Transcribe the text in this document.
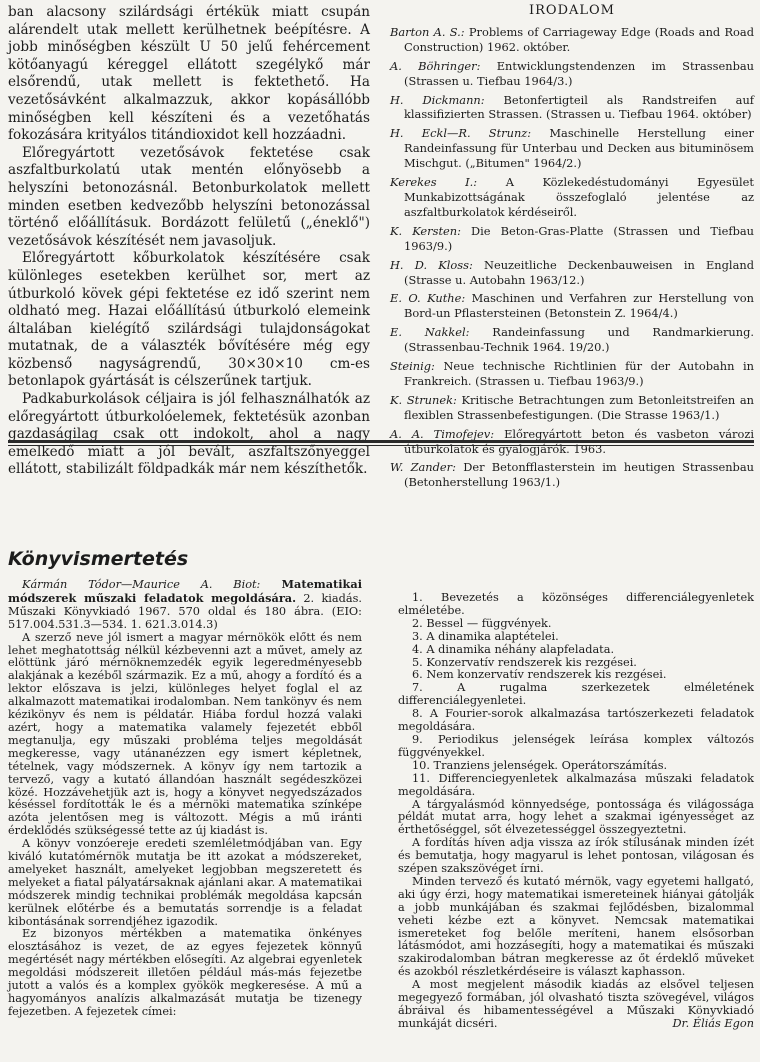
ban alacsony szilárdsági értékük miatt csupán alárendelt utak mellett kerülhetnek beépítésre. A jobb minőségben készült U 50 jelű fehércement kötőanyagú kéreggel ellátott szegélykő már elsőrendű, utak mellett is fektethető. Ha vezetősávként alkalmazzuk, akkor kopásállóbb minőségben kell készíteni és a vezetőhatás fokozására krityálos titándioxidot kell hozzáadni.

Előregyártott vezetősávok fektetése csak aszfaltburkolatú utak mentén előnyösebb a helyszíni betonozásnál. Betonburkolatok mellett minden esetben kedvezőbb helyszíni betonozással történő előállításuk. Bordázott felületű („éneklő") vezetősávok készítését nem javasoljuk.

Előregyártott kőburkolatok készítésére csak különleges esetekben kerülhet sor, mert az útburkoló kövek gépi fektetése ez idő szerint nem oldható meg. Hazai előállítású útburkoló elemeink általában kielégítő szilárdsági tulajdonságokat mutatnak, de a választék bővítésére még egy közbenső nagyságrendű, 30×30×10 cm-es betonlapok gyártását is célszerűnek tartjuk.

Padkaburkolások céljaira is jól felhasználhatók az előregyártott útburkolóelemek, fektetésük azonban gazdaságilag csak ott indokolt, ahol a nagy emelkedő miatt a jól bevált, aszfaltszőnyeggel ellátott, stabilizált földpadkák már nem készíthetők.

IRODALOM

Barton A. S.: Problems of Carriageway Edge (Roads and Road Construction) 1962. október.

A. Böhringer: Entwicklungstendenzen im Strassenbau (Strassen u. Tiefbau 1964/3.)

H. Dickmann: Betonfertigteil als Randstreifen auf klassifizierten Strassen. (Strassen u. Tiefbau 1964. október)

H. Eckl—R. Strunz: Maschinelle Herstellung einer Randeinfassung für Unterbau und Decken aus bituminösem Mischgut. („Bitumen" 1964/2.)

Kerekes I.: A Közlekedéstudományi Egyesület Munkabizottságának összefoglaló jelentése az aszfaltburkolatok kérdéseiről.

K. Kersten: Die Beton-Gras-Platte (Strassen und Tiefbau 1963/9.)

H. D. Kloss: Neuzeitliche Deckenbauweisen in England (Strasse u. Autobahn 1963/12.)

E. O. Kuthe: Maschinen und Verfahren zur Herstellung von Bord-un Pflastersteinen (Betonstein Z. 1964/4.)

E. Nakkel: Randeinfassung und Randmarkierung. (Strassenbau-Technik 1964. 19/20.)

Steinig: Neue technische Richtlinien für der Autobahn in Frankreich. (Strassen u. Tiefbau 1963/9.)

K. Strunek: Kritische Betrachtungen zum Betonleitstreifen an flexiblen Strassenbefestigungen. (Die Strasse 1963/1.)

A. A. Timofejev: Előregyártott beton és vasbeton vározi útburkolatok és gyalogjárók. 1963.

W. Zander: Der Betonfflasterstein im heutigen Strassenbau (Betonherstellung 1963/1.)

Könyvismertetés

Kármán Tódor—Maurice A. Biot: Matematikai módszerek műszaki feladatok megoldására. 2. kiadás. Műszaki Könyvkiadó 1967. 570 oldal és 180 ábra. (EIO: 517.004.531.3—534. 1. 621.3.014.3)

A szerző neve jól ismert a magyar mérnökök előtt és nem lehet meghatottság nélkül kézbevenni azt a művet, amely az elöttünk járó mérnöknemzedék egyik legeredményesebb alakjának a kezéből származik. Ez a mű, ahogy a fordító és a lektor előszava is jelzi, különleges helyet foglal el az alkalmazott matematikai irodalomban. Nem tankönyv és nem kézikönyv és nem is példatár. Hiába fordul hozzá valaki azért, hogy a matematika valamely fejezetét ebből megtanulja, egy műszaki probléma teljes megoldását megkeresse, vagy utánanézzen egy ismert képletnek, tételnek, vagy módszernek. A könyv így nem tartozik a tervező, vagy a kutató állandóan használt segédeszközei közé. Hozzávehetjük azt is, hogy a könyvet negyedszázados késéssel fordították le és a mérnöki matematika színképe azóta jelentősen meg is változott. Mégis a mű iránti érdeklődés szükségessé tette az új kiadást is.

A könyv vonzóereje eredeti szemléletmódjában van. Egy kiváló kutatómérnök mutatja be itt azokat a módszereket, amelyeket használt, amelyeket legjobban megszeretett és melyeket a fiatal pályatársaknak ajánlani akar. A matematikai módszerek mindig technikai problémák megoldása kapcsán kerülnek előtérbe és a bemutatás sorrendje is a feladat kibontásának sorrendjéhez igazodik.

Ez bizonyos mértékben a matematika önkényes elosztásához is vezet, de az egyes fejezetek könnyű megértését nagy mértékben elősegíti. Az algebrai egyenletek megoldási módszereit illetően például más-más fejezetbe jutott a valós és a komplex gyökök megkeresése. A mű a hagyományos analízis alkalmazását mutatja be tizenegy fejezetben. A fejezetek címei:

1. Bevezetés a közönséges differenciálegyenletek elméletébe.
2. Bessel — függvények.
3. A dinamika alaptételei.
4. A dinamika néhány alapfeladata.
5. Konzervatív rendszerek kis rezgései.
6. Nem konzervatív rendszerek kis rezgései.
7. A rugalma szerkezetek elméletének differenciálegyenletei.
8. A Fourier-sorok alkalmazása tartószerkezeti feladatok megoldására.
9. Periodikus jelenségek leírása komplex változós függvényekkel.
10. Tranziens jelenségek. Operátorszámítás.
11. Differenciegyenletek alkalmazása műszaki feladatok megoldására.

A tárgyalásmód könnyedsége, pontossága és világossága példát mutat arra, hogy lehet a szakmai igényességet az érthetőséggel, sőt élvezetességgel összegyeztetni.

A fordítás híven adja vissza az írók stílusának minden ízét és bemutatja, hogy magyarul is lehet pontosan, világosan és szépen szakszövéget írni.

Minden tervező és kutató mérnök, vagy egyetemi hallgató, aki úgy érzi, hogy matematikai ismereteinek hiányai gátolják a jobb munkájában és szakmai fejlődésben, bizalommal veheti kézbe ezt a könyvet. Nemcsak matematikai ismereteket fog belőle meríteni, hanem elsősorban látásmódot, ami hozzásegíti, hogy a matematikai és műszaki szakirodalomban bátran megkeresse az őt érdeklő műveket és azokból részletkérdéseire is választ kaphasson.

A most megjelent második kiadás az elsővel teljesen megegyező formában, jól olvasható tiszta szövegével, világos ábráival és hibamentességével a Műszaki Könyvkiadó munkáját dicséri.	Dr. Éliás Egon
